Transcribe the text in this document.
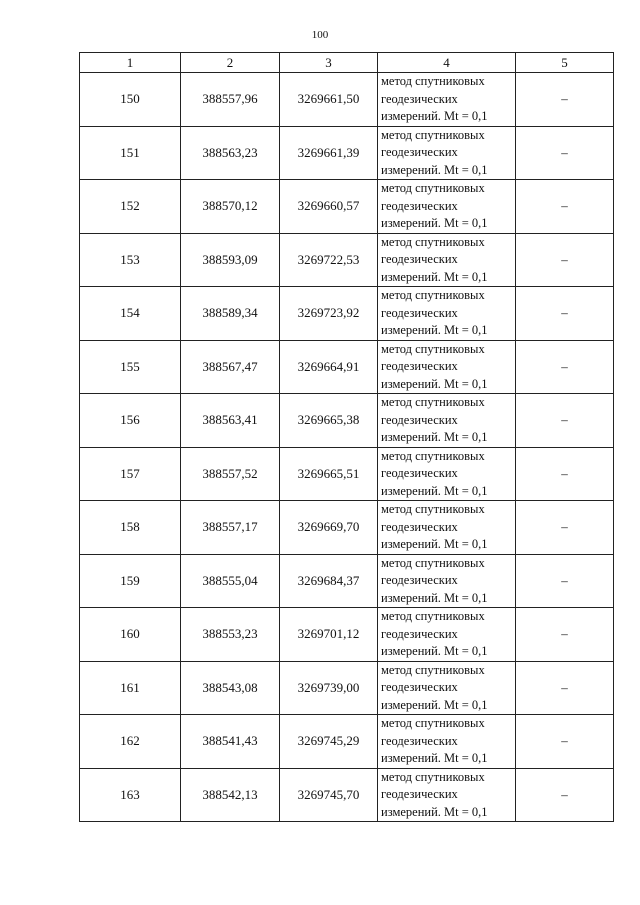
100
1	2	3	4	5
150	388557,96	3269661,50	метод спутниковых
геодезических
измерений. Mt = 0,1	–
151	388563,23	3269661,39	метод спутниковых
геодезических
измерений. Mt = 0,1	–
152	388570,12	3269660,57	метод спутниковых
геодезических
измерений. Mt = 0,1	–
153	388593,09	3269722,53	метод спутниковых
геодезических
измерений. Mt = 0,1	–
154	388589,34	3269723,92	метод спутниковых
геодезических
измерений. Mt = 0,1	–
155	388567,47	3269664,91	метод спутниковых
геодезических
измерений. Mt = 0,1	–
156	388563,41	3269665,38	метод спутниковых
геодезических
измерений. Mt = 0,1	–
157	388557,52	3269665,51	метод спутниковых
геодезических
измерений. Mt = 0,1	–
158	388557,17	3269669,70	метод спутниковых
геодезических
измерений. Mt = 0,1	–
159	388555,04	3269684,37	метод спутниковых
геодезических
измерений. Mt = 0,1	–
160	388553,23	3269701,12	метод спутниковых
геодезических
измерений. Mt = 0,1	–
161	388543,08	3269739,00	метод спутниковых
геодезических
измерений. Mt = 0,1	–
162	388541,43	3269745,29	метод спутниковых
геодезических
измерений. Mt = 0,1	–
163	388542,13	3269745,70	метод спутниковых
геодезических
измерений. Mt = 0,1	–
